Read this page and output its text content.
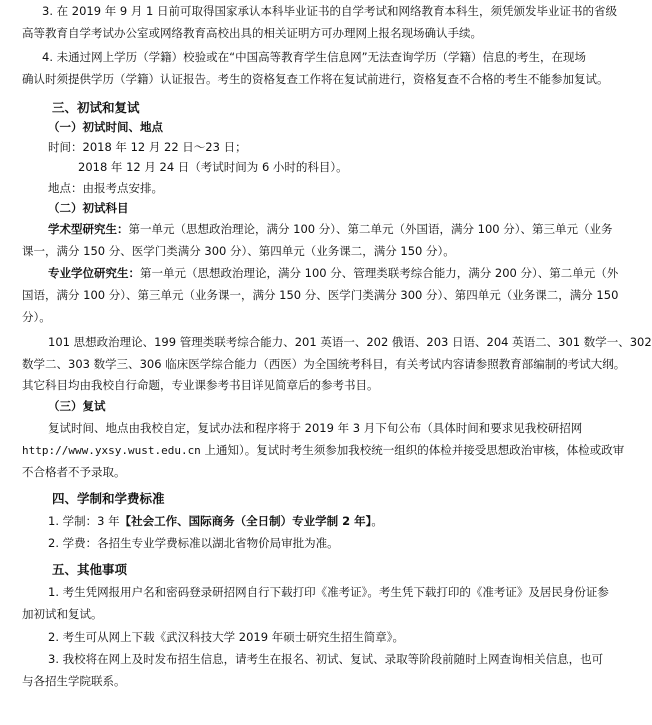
3. 在 2019 年 9 月 1 日前可取得国家承认本科毕业证书的自学考试和网络教育本科生，须凭颁发毕业证书的省级
高等教育自学考试办公室或网络教育高校出具的相关证明方可办理网上报名现场确认手续。
4. 未通过网上学历（学籍）校验或在“中国高等教育学生信息网”无法查询学历（学籍）信息的考生，在现场
确认时须提供学历（学籍）认证报告。考生的资格复查工作将在复试前进行，资格复查不合格的考生不能参加复试。
三、初试和复试
（一）初试时间、地点
时间：2018 年 12 月 22 日～23 日；
2018 年 12 月 24 日（考试时间为 6 小时的科目）。
地点：由报考点安排。
（二）初试科目
学术型研究生：第一单元（思想政治理论，满分 100 分）、第二单元（外国语，满分 100 分）、第三单元（业务
课一，满分 150 分、医学门类满分 300 分）、第四单元（业务课二，满分 150 分）。
专业学位研究生：第一单元（思想政治理论，满分 100 分、管理类联考综合能力，满分 200 分）、第二单元（外
国语，满分 100 分）、第三单元（业务课一，满分 150 分、医学门类满分 300 分）、第四单元（业务课二，满分 150
分）。
101 思想政治理论、199 管理类联考综合能力、201 英语一、202 俄语、203 日语、204 英语二、301 数学一、302
数学二、303 数学三、306 临床医学综合能力（西医）为全国统考科目，有关考试内容请参照教育部编制的考试大纲。
其它科目均由我校自行命题，专业课参考书目详见简章后的参考书目。
（三）复试
复试时间、地点由我校自定，复试办法和程序将于 2019 年 3 月下旬公布（具体时间和要求见我校研招网
http://www.yxsy.wust.edu.cn 上通知）。复试时考生须参加我校统一组织的体检并接受思想政治审核，体检或政审
不合格者不予录取。
四、学制和学费标准
1. 学制：3 年【社会工作、国际商务（全日制）专业学制 2 年】。
2. 学费：各招生专业学费标准以湖北省物价局审批为准。
五、其他事项
1. 考生凭网报用户名和密码登录研招网自行下载打印《准考证》。考生凭下载打印的《准考证》及居民身份证参
加初试和复试。
2. 考生可从网上下载《武汉科技大学 2019 年硕士研究生招生简章》。
3. 我校将在网上及时发布招生信息，请考生在报名、初试、复试、录取等阶段前随时上网查询相关信息，也可
与各招生学院联系。
